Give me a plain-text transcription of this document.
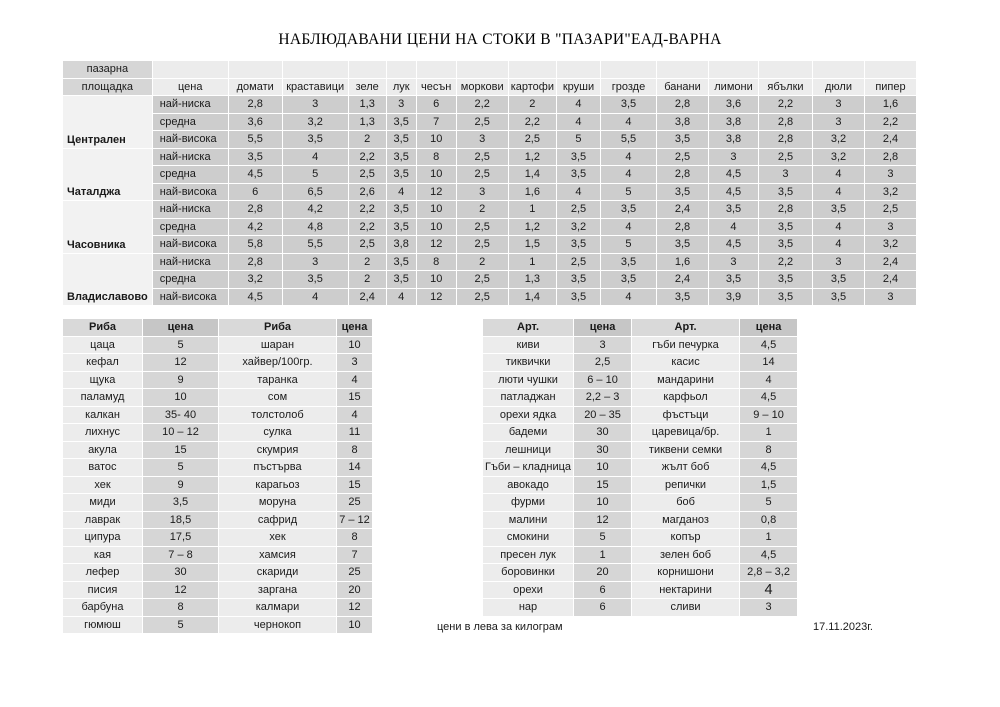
НАБЛЮДАВАНИ ЦЕНИ НА СТОКИ В "ПАЗАРИ"ЕАД-ВАРНА
пазарна															
площадка	цена	домати	краставици	зеле	лук	чесън	моркови	картофи	круши	грозде	банани	лимони	ябълки	дюли	пипер
Централен	най-ниска	2,8	3	1,3	3	6	2,2	2	4	3,5	2,8	3,6	2,2	3	1,6
	средна	3,6	3,2	1,3	3,5	7	2,5	2,2	4	4	3,8	3,8	2,8	3	2,2
	най-висока	5,5	3,5	2	3,5	10	3	2,5	5	5,5	3,5	3,8	2,8	3,2	2,4
Чаталджа	най-ниска	3,5	4	2,2	3,5	8	2,5	1,2	3,5	4	2,5	3	2,5	3,2	2,8
	средна	4,5	5	2,5	3,5	10	2,5	1,4	3,5	4	2,8	4,5	3	4	3
	най-висока	6	6,5	2,6	4	12	3	1,6	4	5	3,5	4,5	3,5	4	3,2
Часовника	най-ниска	2,8	4,2	2,2	3,5	10	2	1	2,5	3,5	2,4	3,5	2,8	3,5	2,5
	средна	4,2	4,8	2,2	3,5	10	2,5	1,2	3,2	4	2,8	4	3,5	4	3
	най-висока	5,8	5,5	2,5	3,8	12	2,5	1,5	3,5	5	3,5	4,5	3,5	4	3,2
Владиславово	най-ниска	2,8	3	2	3,5	8	2	1	2,5	3,5	1,6	3	2,2	3	2,4
	средна	3,2	3,5	2	3,5	10	2,5	1,3	3,5	3,5	2,4	3,5	3,5	3,5	2,4
	най-висока	4,5	4	2,4	4	12	2,5	1,4	3,5	4	3,5	3,9	3,5	3,5	3
Риба	цена	Риба	цена
цаца	5	шаран	10
кефал	12	хайвер/100гр.	3
щука	9	таранка	4
паламуд	10	сом	15
калкан	35- 40	толстолоб	4
лихнус	10 – 12	сулка	11
акула	15	скумрия	8
ватос	5	пъстърва	14
хек	9	карагьоз	15
миди	3,5	моруна	25
лаврак	18,5	сафрид	7 – 12
ципура	17,5	хек	8
кая	7 – 8	хамсия	7
лефер	30	скариди	25
писия	12	заргана	20
барбуна	8	калмари	12
гюмюш	5	чернокоп	10
Арт.	цена	Арт.	цена
киви	3	гъби печурка	4,5
тиквички	2,5	касис	14
люти чушки	6 – 10	мандарини	4
патладжан	2,2 – 3	карфьол	4,5
орехи ядка	20 – 35	фъстъци	9 – 10
бадеми	30	царевица/бр.	1
лешници	30	тиквени семки	8
Гъби – кладница	10	жълт боб	4,5
авокадо	15	репички	1,5
фурми	10	боб	5
малини	12	магданоз	0,8
смокини	5	копър	1
пресен лук	1	зелен боб	4,5
боровинки	20	корнишони	2,8 – 3,2
орехи	6	нектарини	4
нар	6	сливи	3
цени в лева за килограм	17.11.2023г.
